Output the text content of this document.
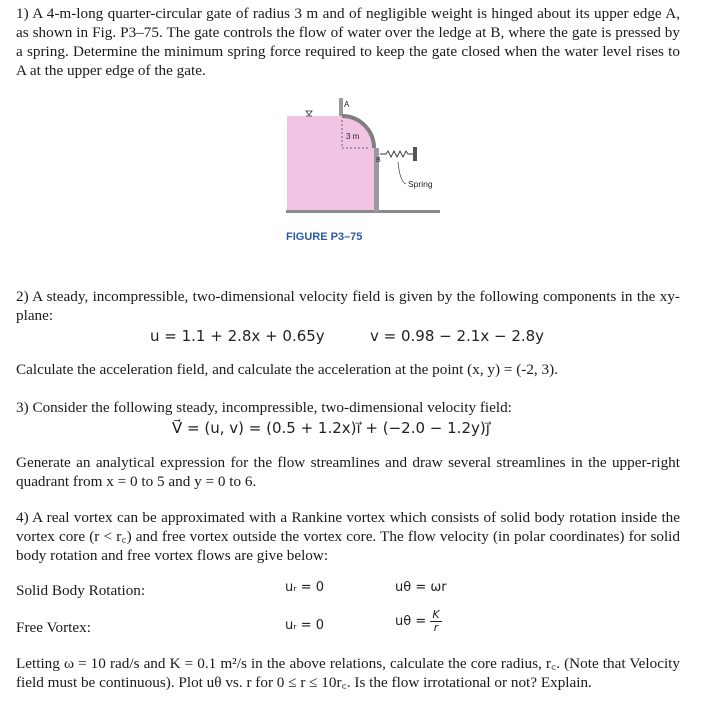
1) A 4-m-long quarter-circular gate of radius 3 m and of negligible weight is hinged about its upper edge A, as shown in Fig. P3–75. The gate controls the flow of water over the ledge at B, where the gate is pressed by a spring. Determine the minimum spring force required to keep the gate closed when the water level rises to A at the upper edge of the gate.

A
B
3 m
Spring
FIGURE P3–75

2) A steady, incompressible, two-dimensional velocity field is given by the following components in the xy-plane:

u = 1.1 + 2.8x + 0.65y	v = 0.98 − 2.1x − 2.8y

Calculate the acceleration field, and calculate the acceleration at the point (x, y) = (-2, 3).

3) Consider the following steady, incompressible, two-dimensional velocity field:

V⃗ = (u, v) = (0.5 + 1.2x)i⃗ + (−2.0 − 1.2y)j⃗

Generate an analytical expression for the flow streamlines and draw several streamlines in the upper-right quadrant from x = 0 to 5 and y = 0 to 6.

4) A real vortex can be approximated with a Rankine vortex which consists of solid body rotation inside the vortex core (r < r꜀) and free vortex outside the vortex core. The flow velocity (in polar coordinates) for solid body rotation and free vortex flows are give below:

Solid Body Rotation:	uᵣ = 0	uθ = ωr
Free Vortex:	uᵣ = 0	$u\theta = \frac{K}{r}$

Letting ω = 10 rad/s and K = 0.1 m²/s in the above relations, calculate the core radius, r꜀. (Note that Velocity field must be continuous). Plot uθ vs. r for 0 ≤ r ≤ 10r꜀. Is the flow irrotational or not? Explain.
